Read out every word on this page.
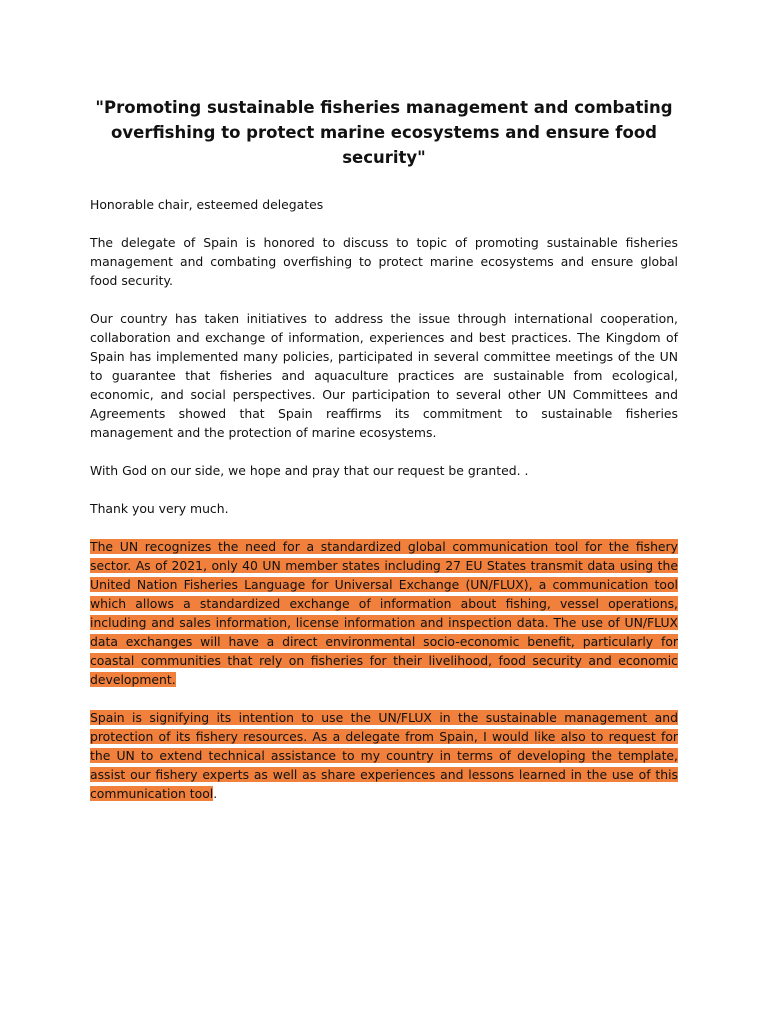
"Promoting sustainable fisheries management and combating overfishing to protect marine ecosystems and ensure food security"

Honorable chair, esteemed delegates

The delegate of Spain is honored to discuss to topic of promoting sustainable fisheries management and combating overfishing to protect marine ecosystems and ensure global food security.

Our country has taken initiatives to address the issue through international cooperation, collaboration and exchange of information, experiences and best practices. The Kingdom of Spain has implemented many policies, participated in several committee meetings of the UN to guarantee that fisheries and aquaculture practices are sustainable from ecological, economic, and social perspectives. Our participation to several other UN Committees and Agreements showed that Spain reaffirms its commitment to sustainable fisheries management and the protection of marine ecosystems.

With God on our side, we hope and pray that our request be granted. .

Thank you very much.

The UN recognizes the need for a standardized global communication tool for the fishery sector. As of 2021, only 40 UN member states including 27 EU States transmit data using the United Nation Fisheries Language for Universal Exchange (UN/FLUX), a communication tool which allows a standardized exchange of information about fishing, vessel operations, including and sales information, license information and inspection data. The use of UN/FLUX data exchanges will have a direct environmental socio-economic benefit, particularly for coastal communities that rely on fisheries for their livelihood, food security and economic development.

Spain is signifying its intention to use the UN/FLUX in the sustainable management and protection of its fishery resources. As a delegate from Spain, I would like also to request for the UN to extend technical assistance to my country in terms of developing the template, assist our fishery experts as well as share experiences and lessons learned in the use of this communication tool.
